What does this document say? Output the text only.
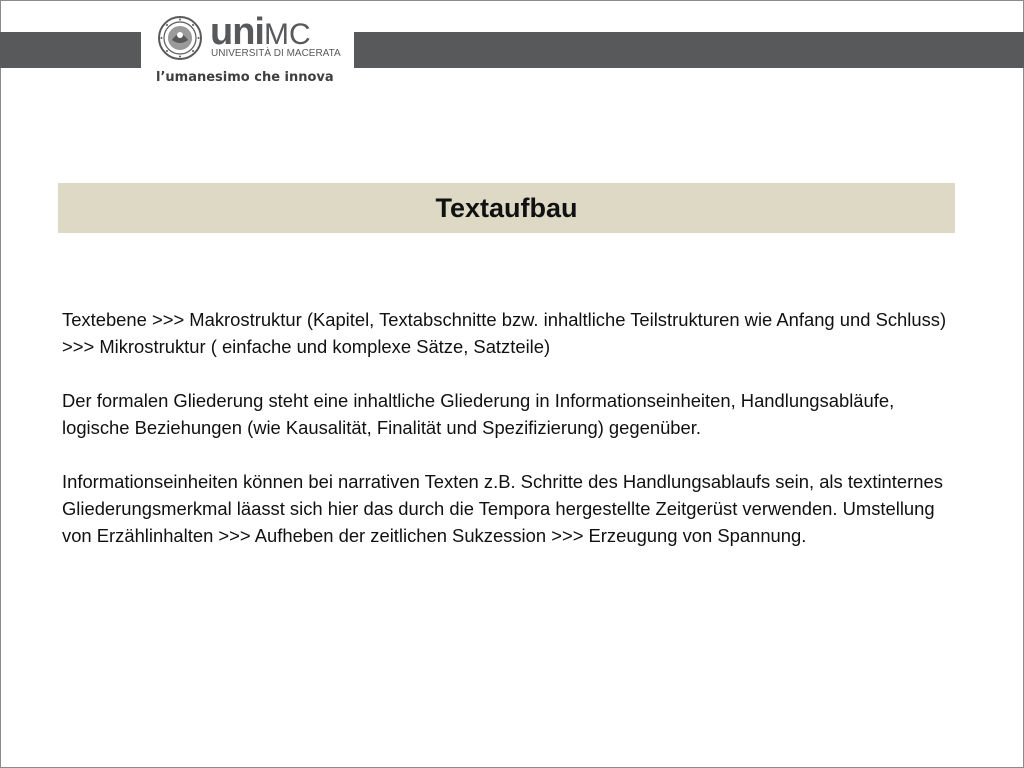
uniMC
UNIVERSITÀ DI MACERATA
l’umanesimo che innova
Textaufbau

Textebene >>> Makrostruktur (Kapitel, Textabschnitte bzw. inhaltliche Teilstrukturen wie Anfang und Schluss) >>> Mikrostruktur ( einfache und komplexe Sätze, Satzteile)

Der formalen Gliederung steht eine inhaltliche Gliederung in Informationseinheiten, Handlungsabläufe, logische Beziehungen (wie Kausalität, Finalität und Spezifizierung) gegenüber.

Informationseinheiten können bei narrativen Texten z.B. Schritte des Handlungsablaufs sein, als textinternes Gliederungsmerkmal läasst sich hier das durch die Tempora hergestellte Zeitgerüst verwenden. Umstellung von Erzählinhalten >>> Aufheben der zeitlichen Sukzession >>> Erzeugung von Spannung.
